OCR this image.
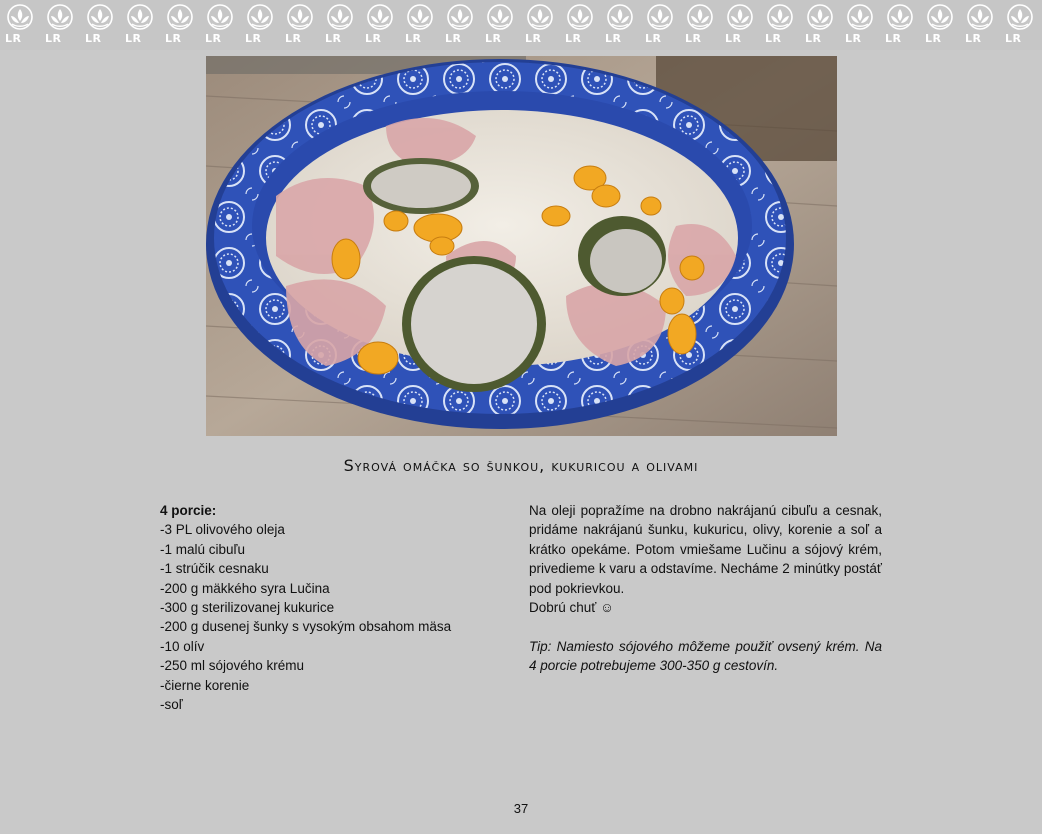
LR LR LR LR LR LR LR LR LR LR LR LR LR LR LR LR LR LR LR LR LR LR LR LR LR LR
Syrová omáčka so šunkou, kukuricou a olivami
4 porcie:
-3 PL olivového oleja
-1 malú cibuľu
-1 strúčik cesnaku
-200 g mäkkého syra Lučina
-300 g sterilizovanej kukurice
-200 g dusenej šunky s vysokým obsahom mäsa
-10 olív
-250 ml sójového krému
-čierne korenie
-soľ

Na oleji popražíme na drobno nakrájanú cibuľu a cesnak, pridáme nakrájanú šunku, kukuricu, olivy, korenie a soľ a krátko opekáme. Potom vmiešame Lučinu a sójový krém, privedieme k varu a odstavíme. Necháme 2 minútky postáť pod pokrievkou.

Dobrú chuť ☺

Tip: Namiesto sójového môžeme použiť ovsený krém. Na 4 porcie potrebujeme 300-350 g cestovín.

37
